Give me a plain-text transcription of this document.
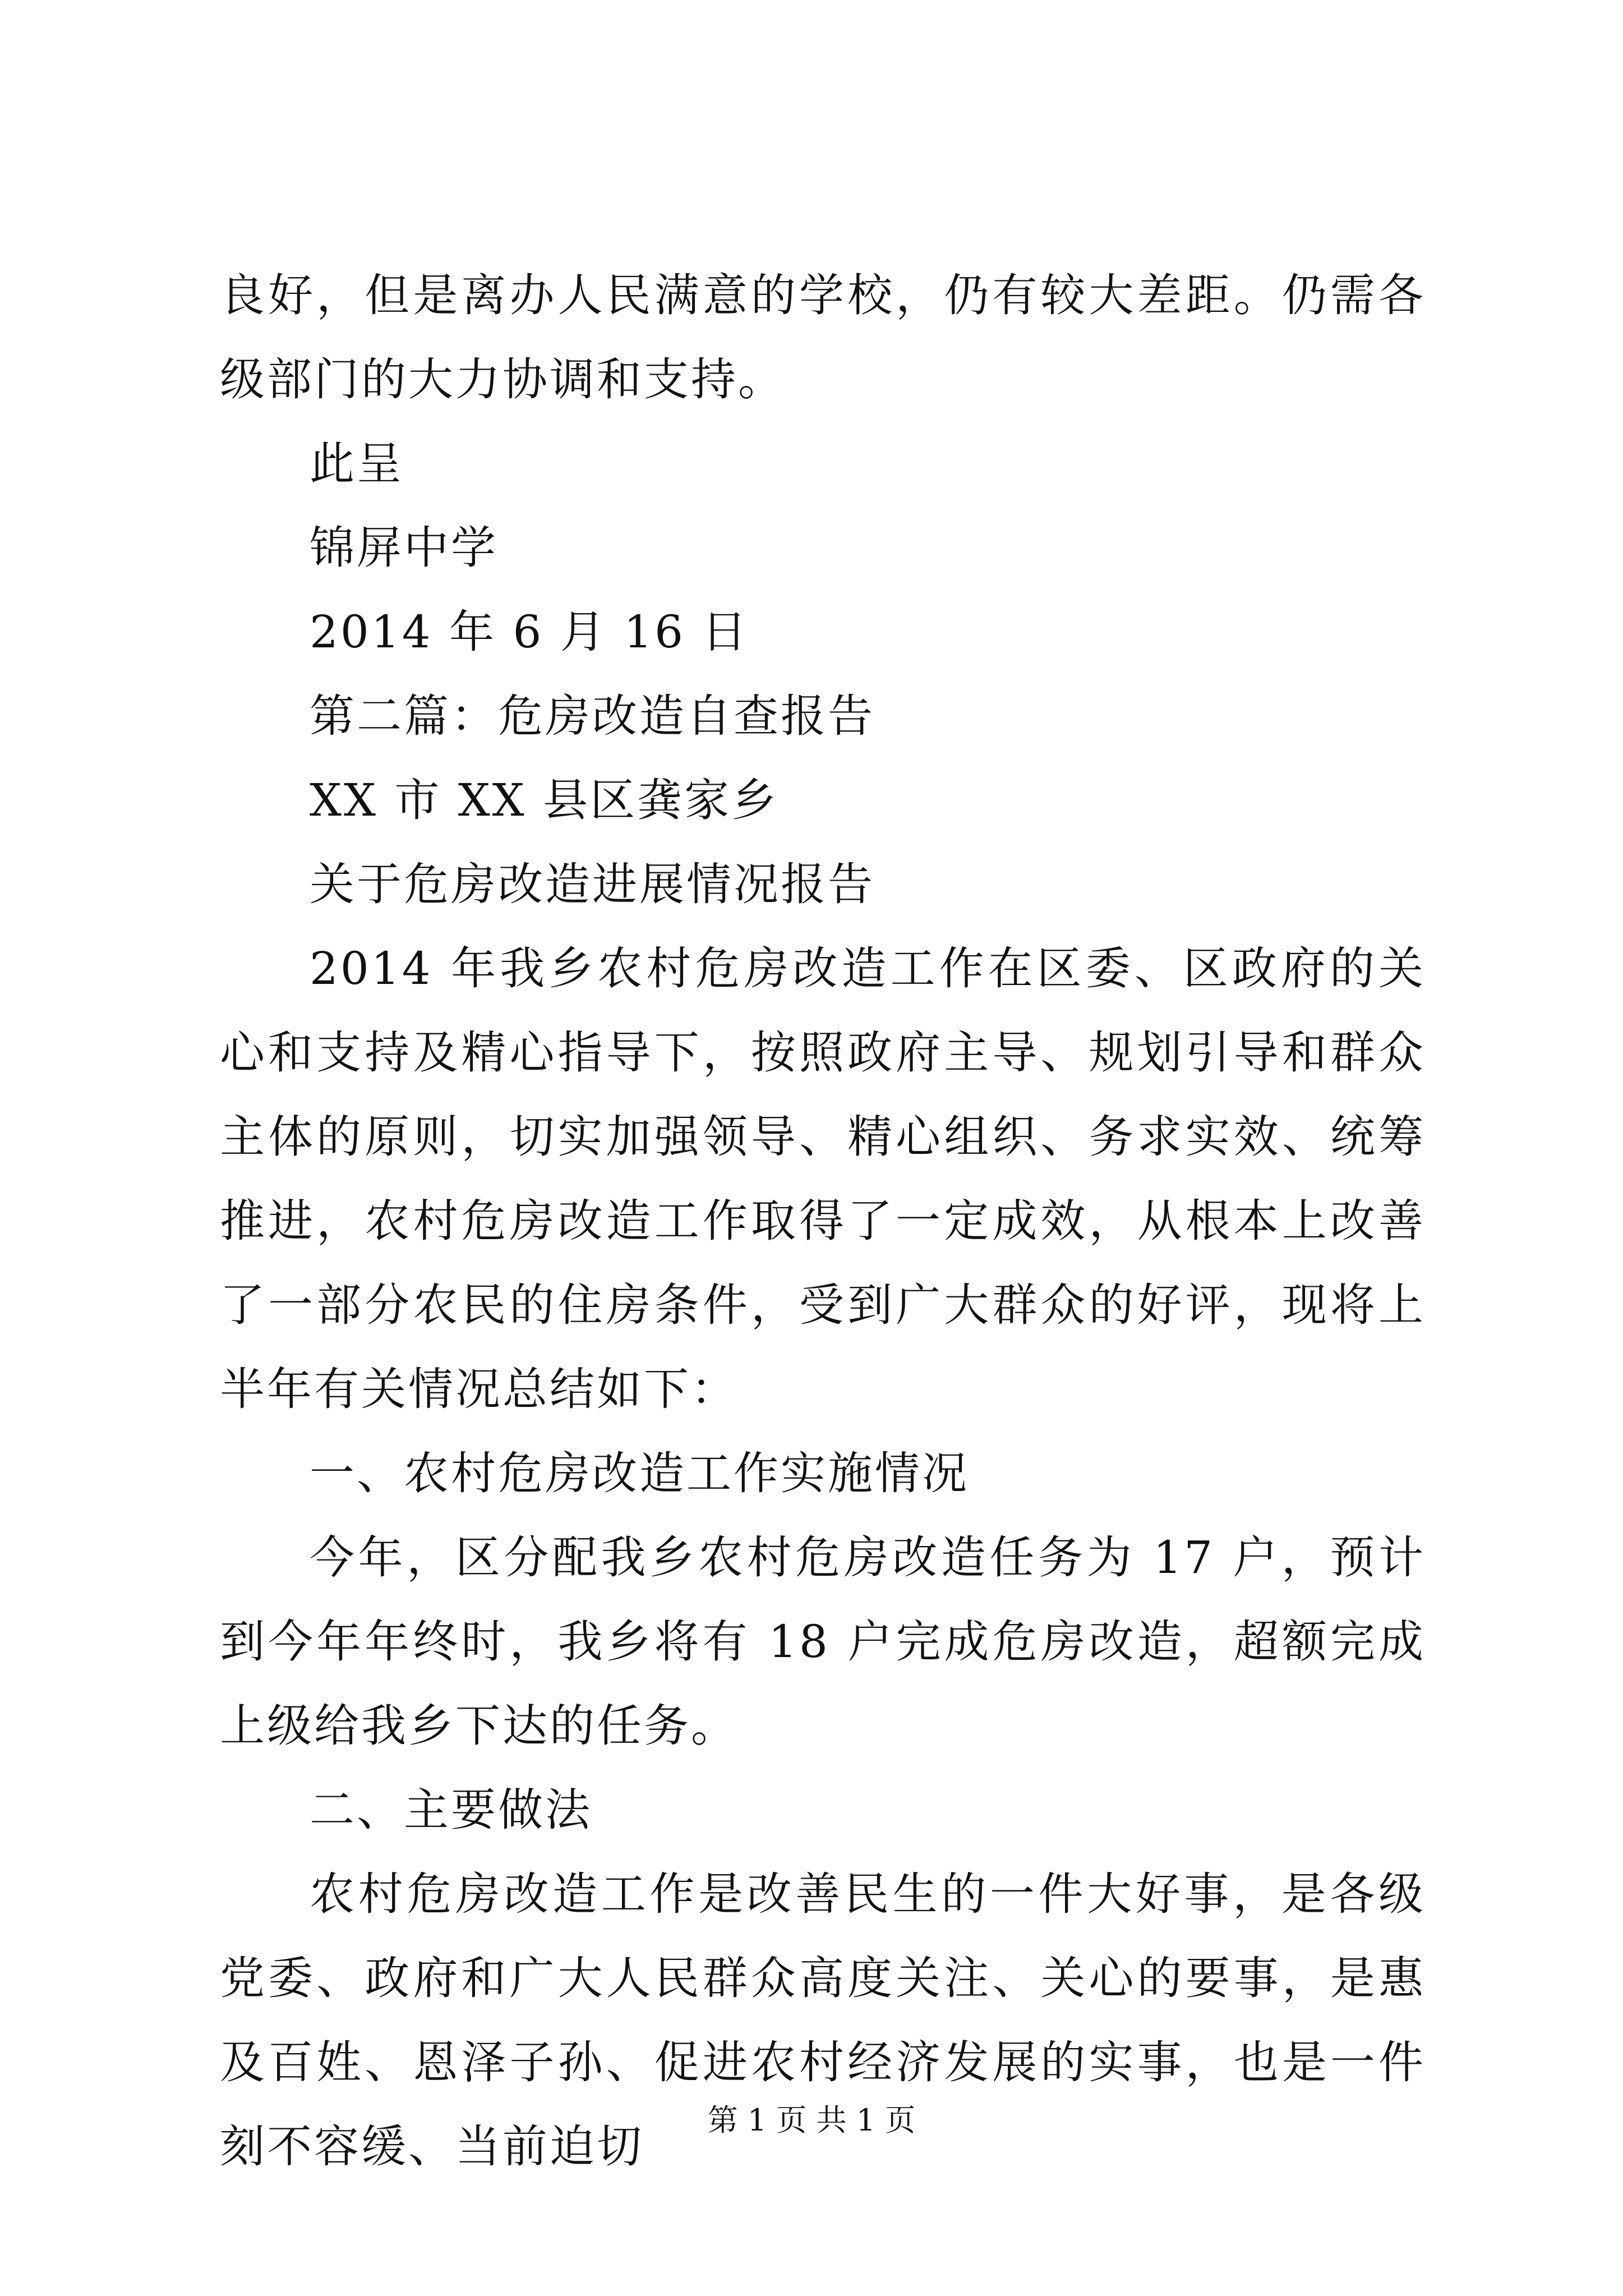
良好，但是离办人民满意的学校，仍有较大差距。仍需各级部门的大力协调和支持。

此呈

锦屏中学

2014 年 6 月 16 日

第二篇：危房改造自查报告

XX 市 XX 县区龚家乡

关于危房改造进展情况报告

2014 年我乡农村危房改造工作在区委、区政府的关心和支持及精心指导下，按照政府主导、规划引导和群众主体的原则，切实加强领导、精心组织、务求实效、统筹推进，农村危房改造工作取得了一定成效，从根本上改善了一部分农民的住房条件，受到广大群众的好评，现将上半年有关情况总结如下：

一、农村危房改造工作实施情况

今年，区分配我乡农村危房改造任务为 17 户，预计到今年年终时，我乡将有 18 户完成危房改造，超额完成上级给我乡下达的任务。

二、主要做法

农村危房改造工作是改善民生的一件大好事，是各级党委、政府和广大人民群众高度关注、关心的要事，是惠及百姓、恩泽子孙、促进农村经济发展的实事，也是一件刻不容缓、当前迫切

第 1 页 共 1 页
